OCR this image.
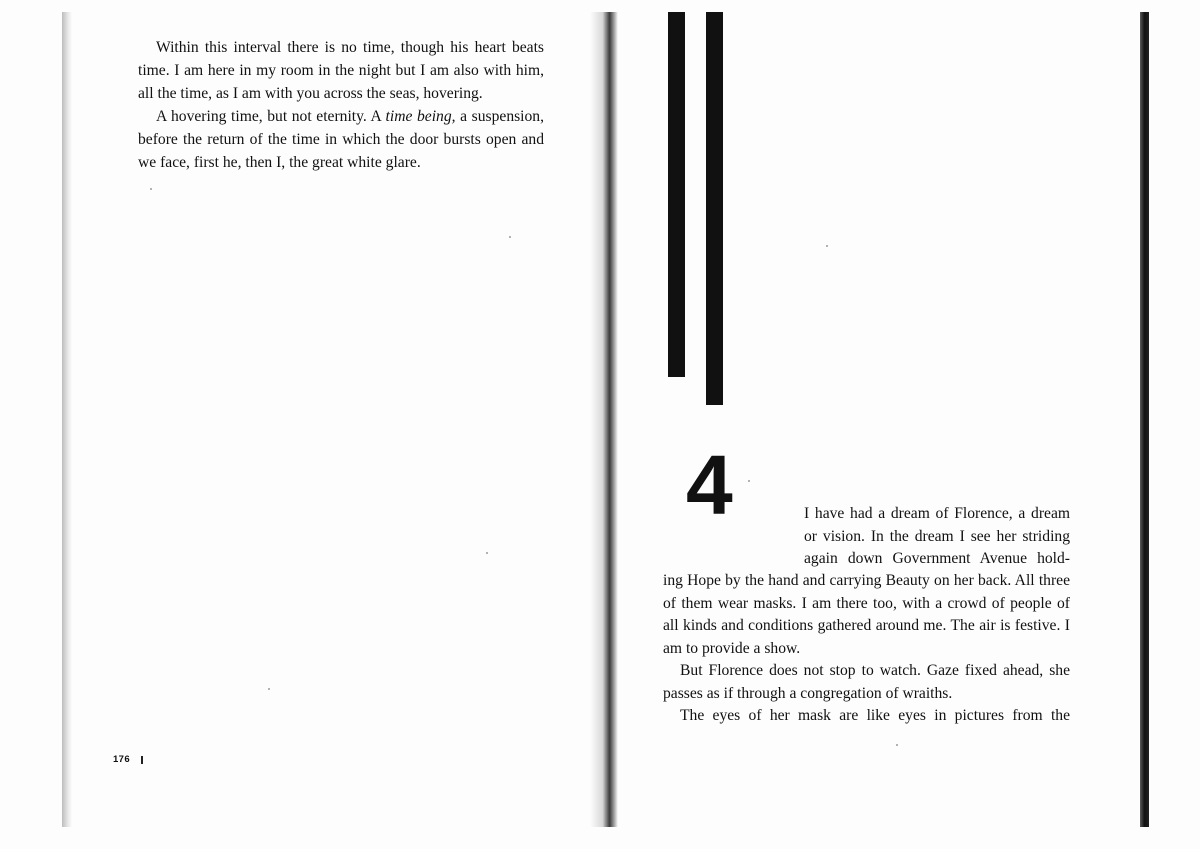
Within this interval there is no time, though his heart beats time. I am here in my room in the night but I am also with him, all the time, as I am with you across the seas, hovering.

A hovering time, but not eternity. A time being, a suspension, before the return of the time in which the door bursts open and we face, first he, then I, the great white glare.

176
4	I have had a dream of Florence, a dream
or vision. In the dream I see her striding
again down Government Avenue hold-

ing Hope by the hand and carrying Beauty on her back. All three of them wear masks. I am there too, with a crowd of people of all kinds and conditions gathered around me. The air is festive. I am to provide a show.

But Florence does not stop to watch. Gaze fixed ahead, she passes as if through a congregation of wraiths.

The eyes of her mask are like eyes in pictures from the
